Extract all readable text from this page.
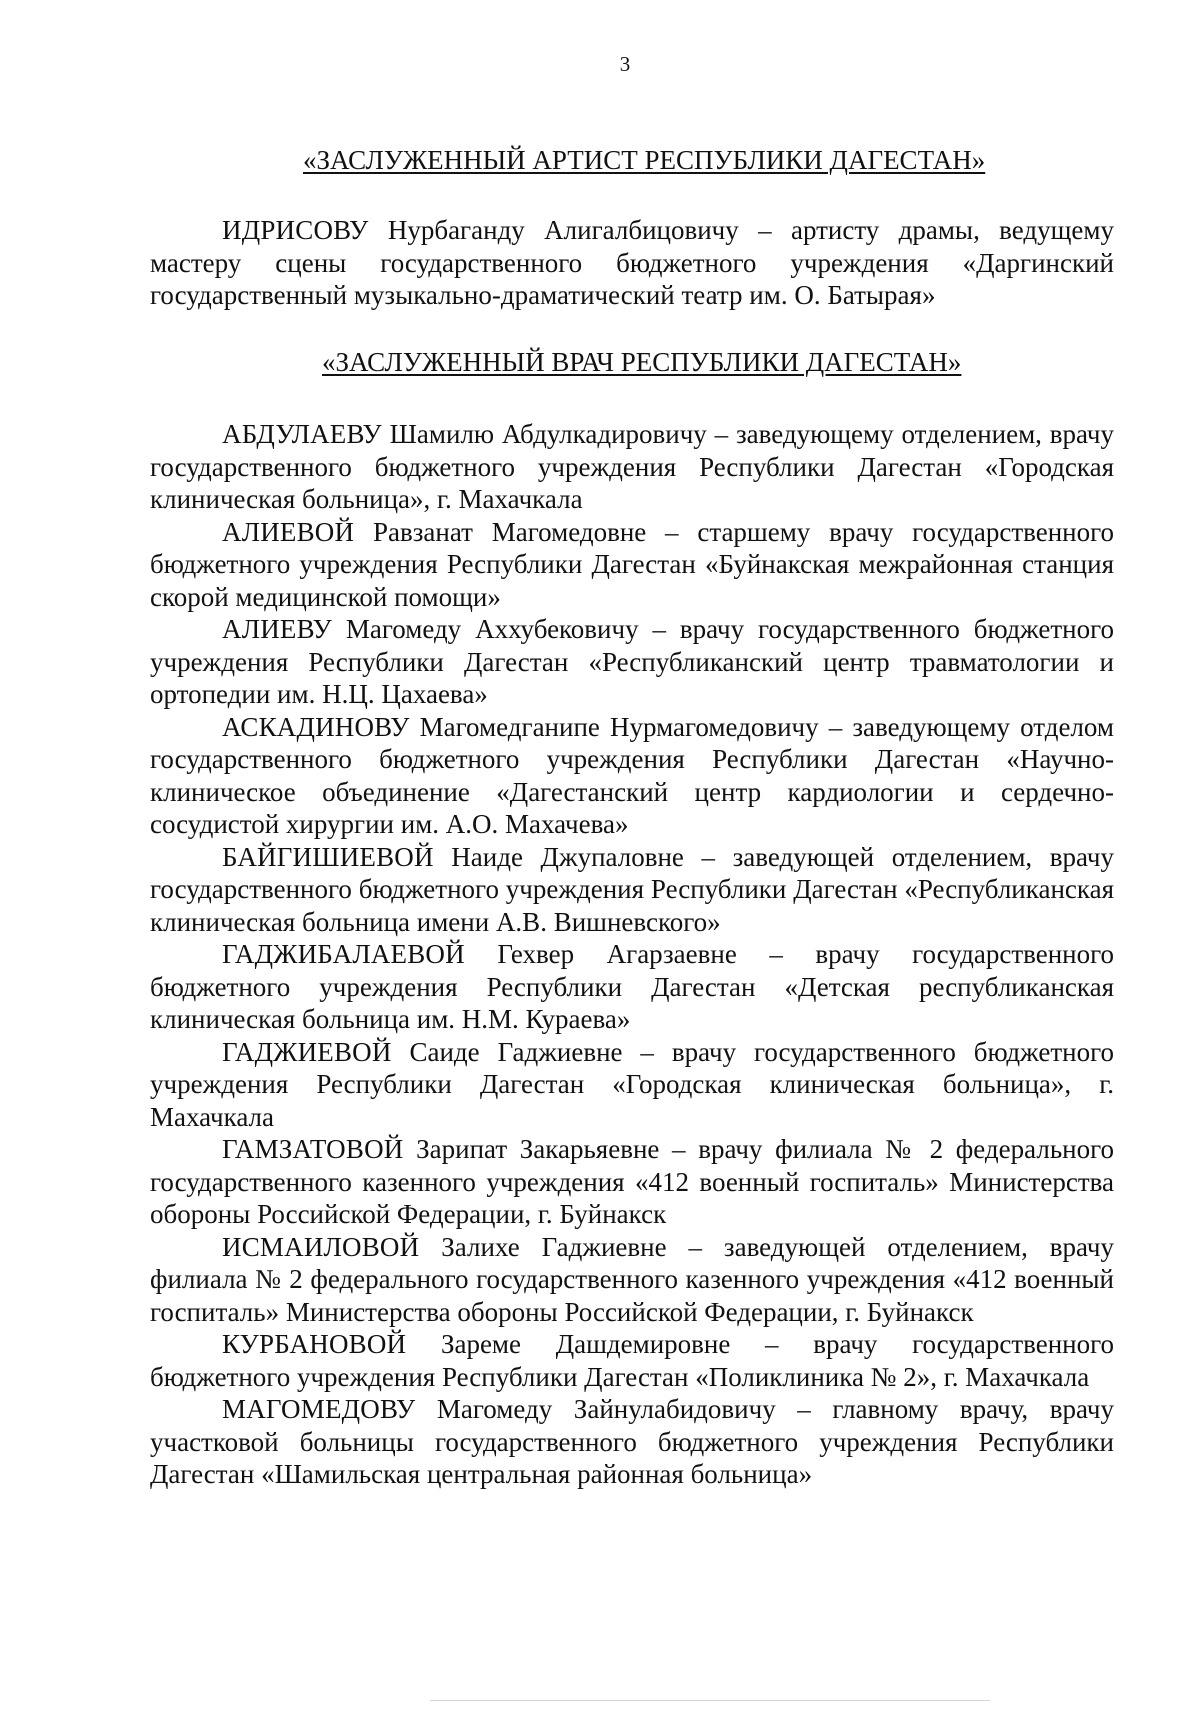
3
«ЗАСЛУЖЕННЫЙ АРТИСТ РЕСПУБЛИКИ ДАГЕСТАН»

ИДРИСОВУ Нурбаганду Алигалбицовичу – артисту драмы, ведущему мастеру сцены государственного бюджетного учреждения «Даргинский государственный музыкально-драматический театр им. О. Батырая»

«ЗАСЛУЖЕННЫЙ ВРАЧ РЕСПУБЛИКИ ДАГЕСТАН»

АБДУЛАЕВУ Шамилю Абдулкадировичу – заведующему отделением, врачу государственного бюджетного учреждения Республики Дагестан «Городская клиническая больница», г. Махачкала

АЛИЕВОЙ Равзанат Магомедовне – старшему врачу государственного бюджетного учреждения Республики Дагестан «Буйнакская межрайонная станция скорой медицинской помощи»

АЛИЕВУ Магомеду Аххубековичу – врачу государственного бюджетного учреждения Республики Дагестан «Республиканский центр травматологии и ортопедии им. Н.Ц. Цахаева»

АСКАДИНОВУ Магомедганипе Нурмагомедовичу – заведующему отделом государственного бюджетного учреждения Республики Дагестан «Научно-клиническое объединение «Дагестанский центр кардиологии и сердечно-сосудистой хирургии им. А.О. Махачева»

БАЙГИШИЕВОЙ Наиде Джупаловне – заведующей отделением, врачу государственного бюджетного учреждения Республики Дагестан «Республиканская клиническая больница имени А.В. Вишневского»

ГАДЖИБАЛАЕВОЙ Гехвер Агарзаевне – врачу государственного бюджетного учреждения Республики Дагестан «Детская республиканская клиническая больница им. Н.М. Кураева»

ГАДЖИЕВОЙ Саиде Гаджиевне – врачу государственного бюджетного учреждения Республики Дагестан «Городская клиническая больница», г. Махачкала

ГАМЗАТОВОЙ Зарипат Закарьяевне – врачу филиала № 2 федерального государственного казенного учреждения «412 военный госпиталь» Министерства обороны Российской Федерации, г. Буйнакск

ИСМАИЛОВОЙ Залихе Гаджиевне – заведующей отделением, врачу филиала № 2 федерального государственного казенного учреждения «412 военный госпиталь» Министерства обороны Российской Федерации, г. Буйнакск

КУРБАНОВОЙ Зареме Дашдемировне – врачу государственного бюджетного учреждения Республики Дагестан «Поликлиника № 2», г. Махачкала

МАГОМЕДОВУ Магомеду Зайнулабидовичу – главному врачу, врачу участковой больницы государственного бюджетного учреждения Республики Дагестан «Шамильская центральная районная больница»
